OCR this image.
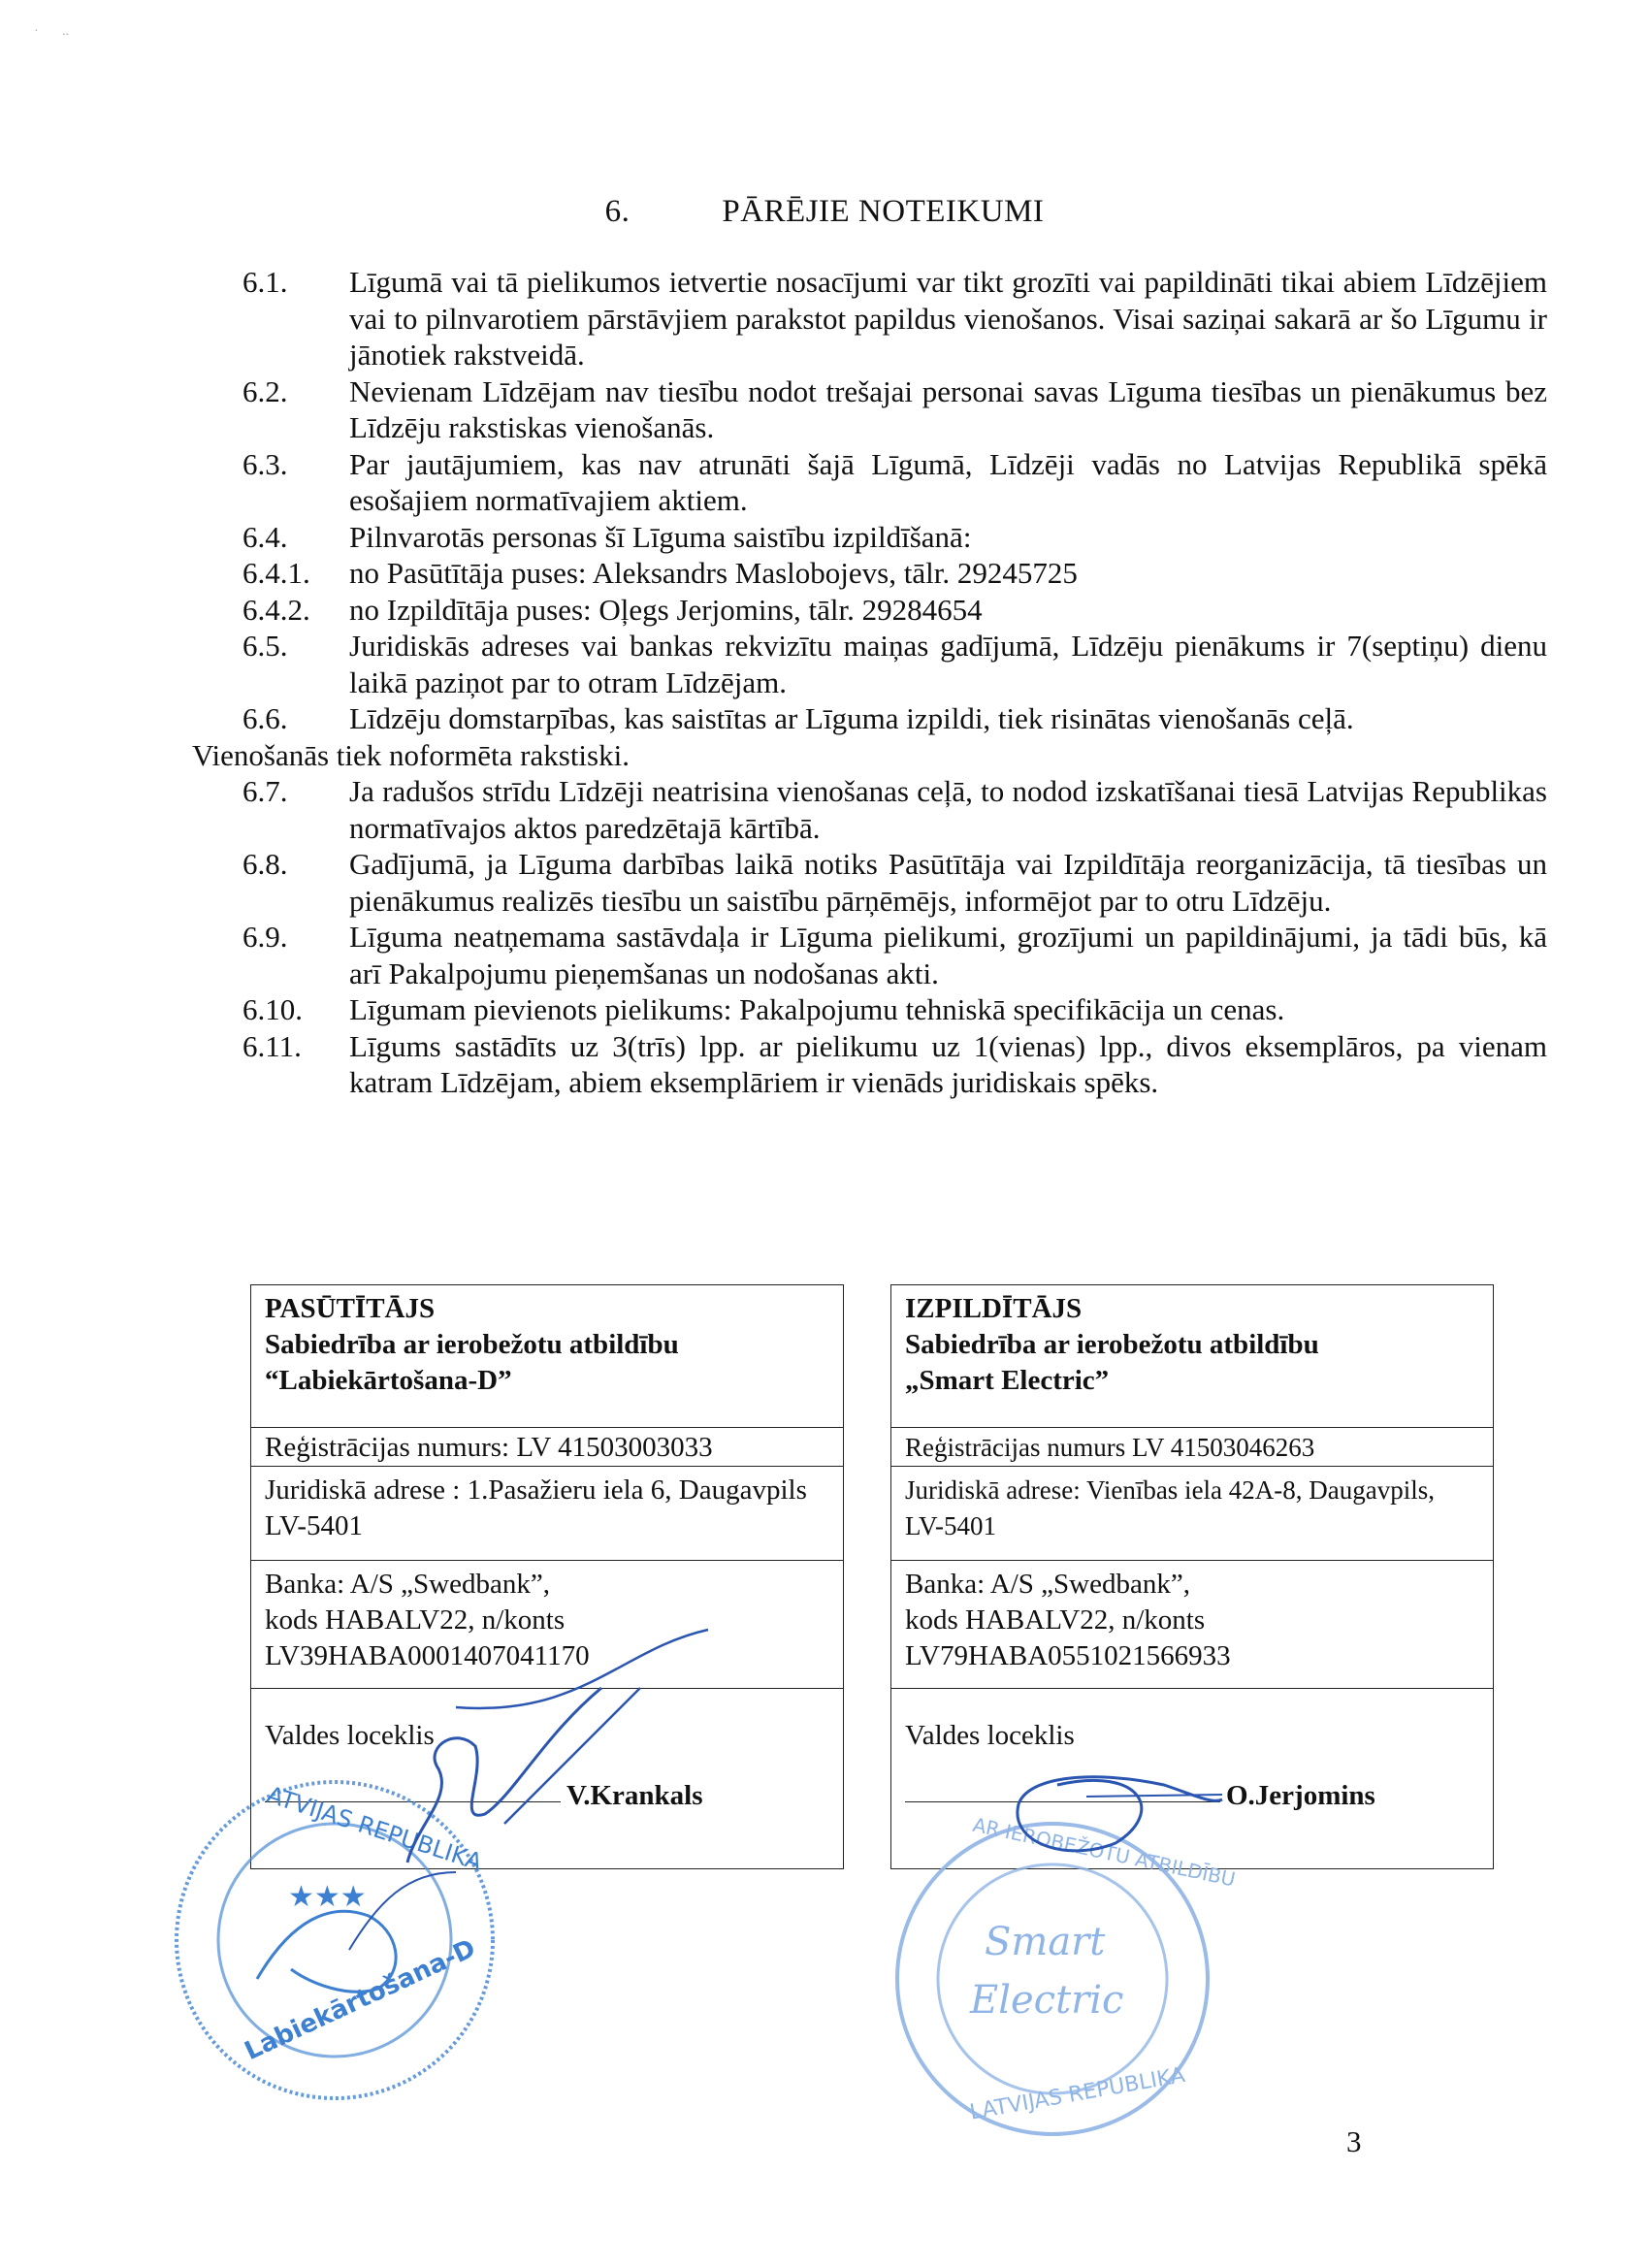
·       ..
6.	PĀRĒJIE NOTEIKUMI
6.1.	Līgumā vai tā pielikumos ietvertie nosacījumi var tikt grozīti vai papildināti tikai abiem Līdzējiem vai to pilnvarotiem pārstāvjiem parakstot papildus vienošanos. Visai saziņai sakarā ar šo Līgumu ir jānotiek rakstveidā.
6.2.	Nevienam Līdzējam nav tiesību nodot trešajai personai savas Līguma tiesības un pienākumus bez Līdzēju rakstiskas vienošanās.
6.3.	Par jautājumiem, kas nav atrunāti šajā Līgumā, Līdzēji vadās no Latvijas Republikā spēkā esošajiem normatīvajiem aktiem.
6.4.	Pilnvarotās personas šī Līguma saistību izpildīšanā:
6.4.1.	no Pasūtītāja puses: Aleksandrs Maslobojevs, tālr. 29245725
6.4.2.	no Izpildītāja puses: Oļegs Jerjomins, tālr. 29284654
6.5.	Juridiskās adreses vai bankas rekvizītu maiņas gadījumā, Līdzēju pienākums ir 7(septiņu) dienu laikā paziņot par to otram Līdzējam.
6.6.	Līdzēju domstarpības, kas saistītas ar Līguma izpildi, tiek risinātas vienošanās ceļā.
Vienošanās tiek noformēta rakstiski.
6.7.	Ja radušos strīdu Līdzēji neatrisina vienošanas ceļā, to nodod izskatīšanai tiesā Latvijas Republikas normatīvajos aktos paredzētajā kārtībā.
6.8.	Gadījumā, ja Līguma darbības laikā notiks Pasūtītāja vai Izpildītāja reorganizācija, tā tiesības un pienākumus realizēs tiesību un saistību pārņēmējs, informējot par to otru Līdzēju.
6.9.	Līguma neatņemama sastāvdaļa ir Līguma pielikumi, grozījumi un papildinājumi, ja tādi būs, kā arī Pakalpojumu pieņemšanas un nodošanas akti.
6.10.	Līgumam pievienots pielikums: Pakalpojumu tehniskā specifikācija un cenas.
6.11.	Līgums sastādīts uz 3(trīs) lpp. ar pielikumu uz 1(vienas) lpp., divos eksemplāros, pa vienam katram Līdzējam, abiem eksemplāriem ir vienāds juridiskais spēks.
PASŪTĪTĀJS
Sabiedrība ar ierobežotu atbildību
“Labiekārtošana-D”
Reģistrācijas numurs: LV 41503003033
Juridiskā adrese : 1.Pasažieru iela 6, Daugavpils
LV-5401
Banka: A/S „Swedbank”,
kods HABALV22, n/konts
LV39HABA0001407041170
Valdes loceklis
V.Krankals
IZPILDĪTĀJS
Sabiedrība ar ierobežotu atbildību
„Smart Electric”
Reģistrācijas numurs LV 41503046263
Juridiskā adrese: Vienības iela 42A-8, Daugavpils,
LV-5401
Banka: A/S „Swedbank”,
kods HABALV22, n/konts
LV79HABA0551021566933
Valdes loceklis
O.Jerjomins
3
★★★
Labiekārtošana-D
ATVIJAS REPUBLIKA
Smart
Electric
LATVIJAS REPUBLIKA
AR IEROBEŽOTU ATBILDĪBU
